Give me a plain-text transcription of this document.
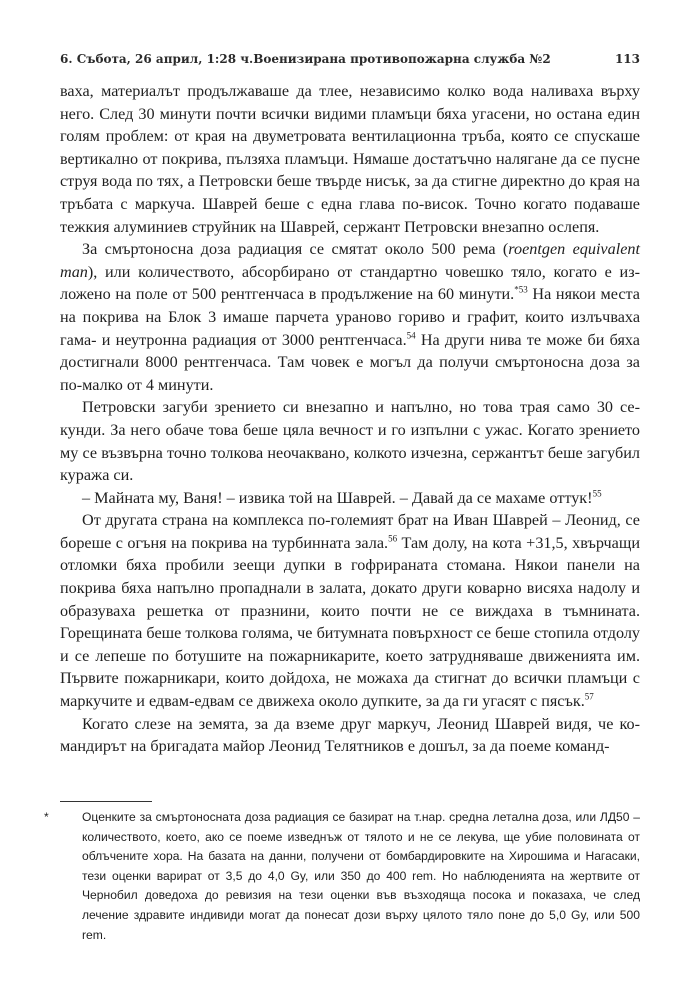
6. Събота, 26 април, 1:28 ч.Военизирана противопожарна служба №2	113

ваха, материалът продължаваше да тлее, независимо колко вода наливаха върху него. След 30 минути почти всички видими пламъци бяха угасени, но остана един голям проблем: от края на двуметровата вентилационна тръба, която се спускаше вертикално от покрива, пълзяха пламъци. Нямаше достатъчно налягане да се пусне струя вода по тях, а Петровски беше твърде нисък, за да стигне директно до края на тръбата с маркуча. Шаврей беше с една глава по-висок. Точно когато подаваше тежкия алуминиев струйник на Шаврей, сержант Петровски внезапно ослепя.

За смъртоносна доза радиация се смятат около 500 рема (roentgen equivalent man), или количеството, абсорбирано от стандартно човешко тяло, когато е изложено на поле от 500 рентгенчаса в продължение на 60 минути.$^{*53}$ На някои места на покрива на Блок 3 имаше парчета ураново гориво и графит, които излъчваха гама- и неутронна радиация от 3000 рентгенчаса.$^{54}$ На други нива те може би бяха достигнали 8000 рентгенчаса. Там човек е могъл да получи смъртоносна доза за по-малко от 4 минути.

Петровски загуби зрението си внезапно и напълно, но това трая само 30 секунди. За него обаче това беше цяла вечност и го изпълни с ужас. Когато зрението му се възвърна точно толкова неочаквано, колкото изчезна, сержантът беше загубил куража си.

– Майната му, Ваня! – извика той на Шаврей. – Давай да се махаме оттук!$^{55}$

От другата страна на комплекса по-големият брат на Иван Шаврей – Леонид, се бореше с огъня на покрива на турбинната зала.$^{56}$ Там долу, на кота +31,5, хвърчащи отломки бяха пробили зеещи дупки в гофрираната стомана. Някои панели на покрива бяха напълно пропаднали в залата, докато други коварно висяха надолу и образуваха решетка от празнини, които почти не се виждаха в тъмнината. Горещината беше толкова голяма, че битумната повърхност се беше стопила отдолу и се лепеше по ботушите на пожарникарите, което затрудняваше движенията им. Първите пожарникари, които дойдоха, не можаха да стигнат до всички пламъци с маркучите и едвам-едвам се движеха около дупките, за да ги угасят с пясък.$^{57}$

Когато слезе на земята, за да вземе друг маркуч, Леонид Шаврей видя, че командирът на бригадата майор Леонид Телятников е дошъл, за да поеме команд-

*	Оценките за смъртоносната доза радиация се базират на т.нар. средна летална доза, или ЛД50 – количеството, което, ако се поеме изведнъж от тялото и не се лекува, ще убие половината от облъчените хора. На базата на данни, получени от бомбардировките на Хирошима и Нагасаки, тези оценки варират от 3,5 до 4,0 Gy, или 350 до 400 rem. Но наблюденията на жертвите от Чернобил доведоха до ревизия на тези оценки във възходяща посока и показаха, че след лечение здравите индивиди могат да понесат дози върху цялото тяло поне до 5,0 Gy, или 500 rem.
